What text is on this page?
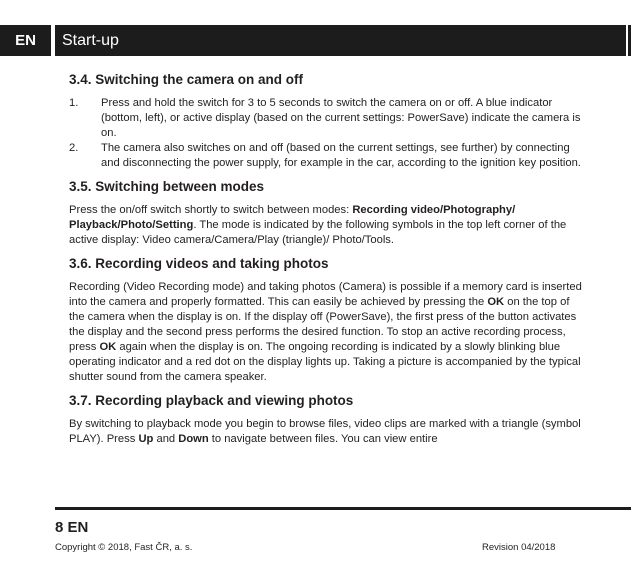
EN	Start-up
3.4. Switching the camera on and off
1. Press and hold the switch for 3 to 5 seconds to switch the camera on or off. A blue indicator (bottom, left), or active display (based on the current settings: PowerSave) indicate the camera is on.
2. The camera also switches on and off (based on the current settings, see further) by connecting and disconnecting the power supply, for example in the car, according to the ignition key position.
3.5. Switching between modes

Press the on/off switch shortly to switch between modes: Recording video/Photography/ Playback/Photo/Setting. The mode is indicated by the following symbols in the top left corner of the active display: Video camera/Camera/Play (triangle)/ Photo/Tools.

3.6. Recording videos and taking photos

Recording (Video Recording mode) and taking photos (Camera) is possible if a memory card is inserted into the camera and properly formatted. This can easily be achieved by pressing the OK on the top of the camera when the display is on. If the display off (PowerSave), the first press of the button activates the display and the second press performs the desired function. To stop an active recording process, press OK again when the display is on. The ongoing recording is indicated by a slowly blinking blue operating indicator and a red dot on the display lights up. Taking a picture is accompanied by the typical shutter sound from the camera speaker.

3.7. Recording playback and viewing photos

By switching to playback mode you begin to browse files, video clips are marked with a triangle (symbol PLAY). Press Up and Down to navigate between files. You can view entire

8 EN
Copyright © 2018, Fast ČR, a. s.	Revision 04/2018
